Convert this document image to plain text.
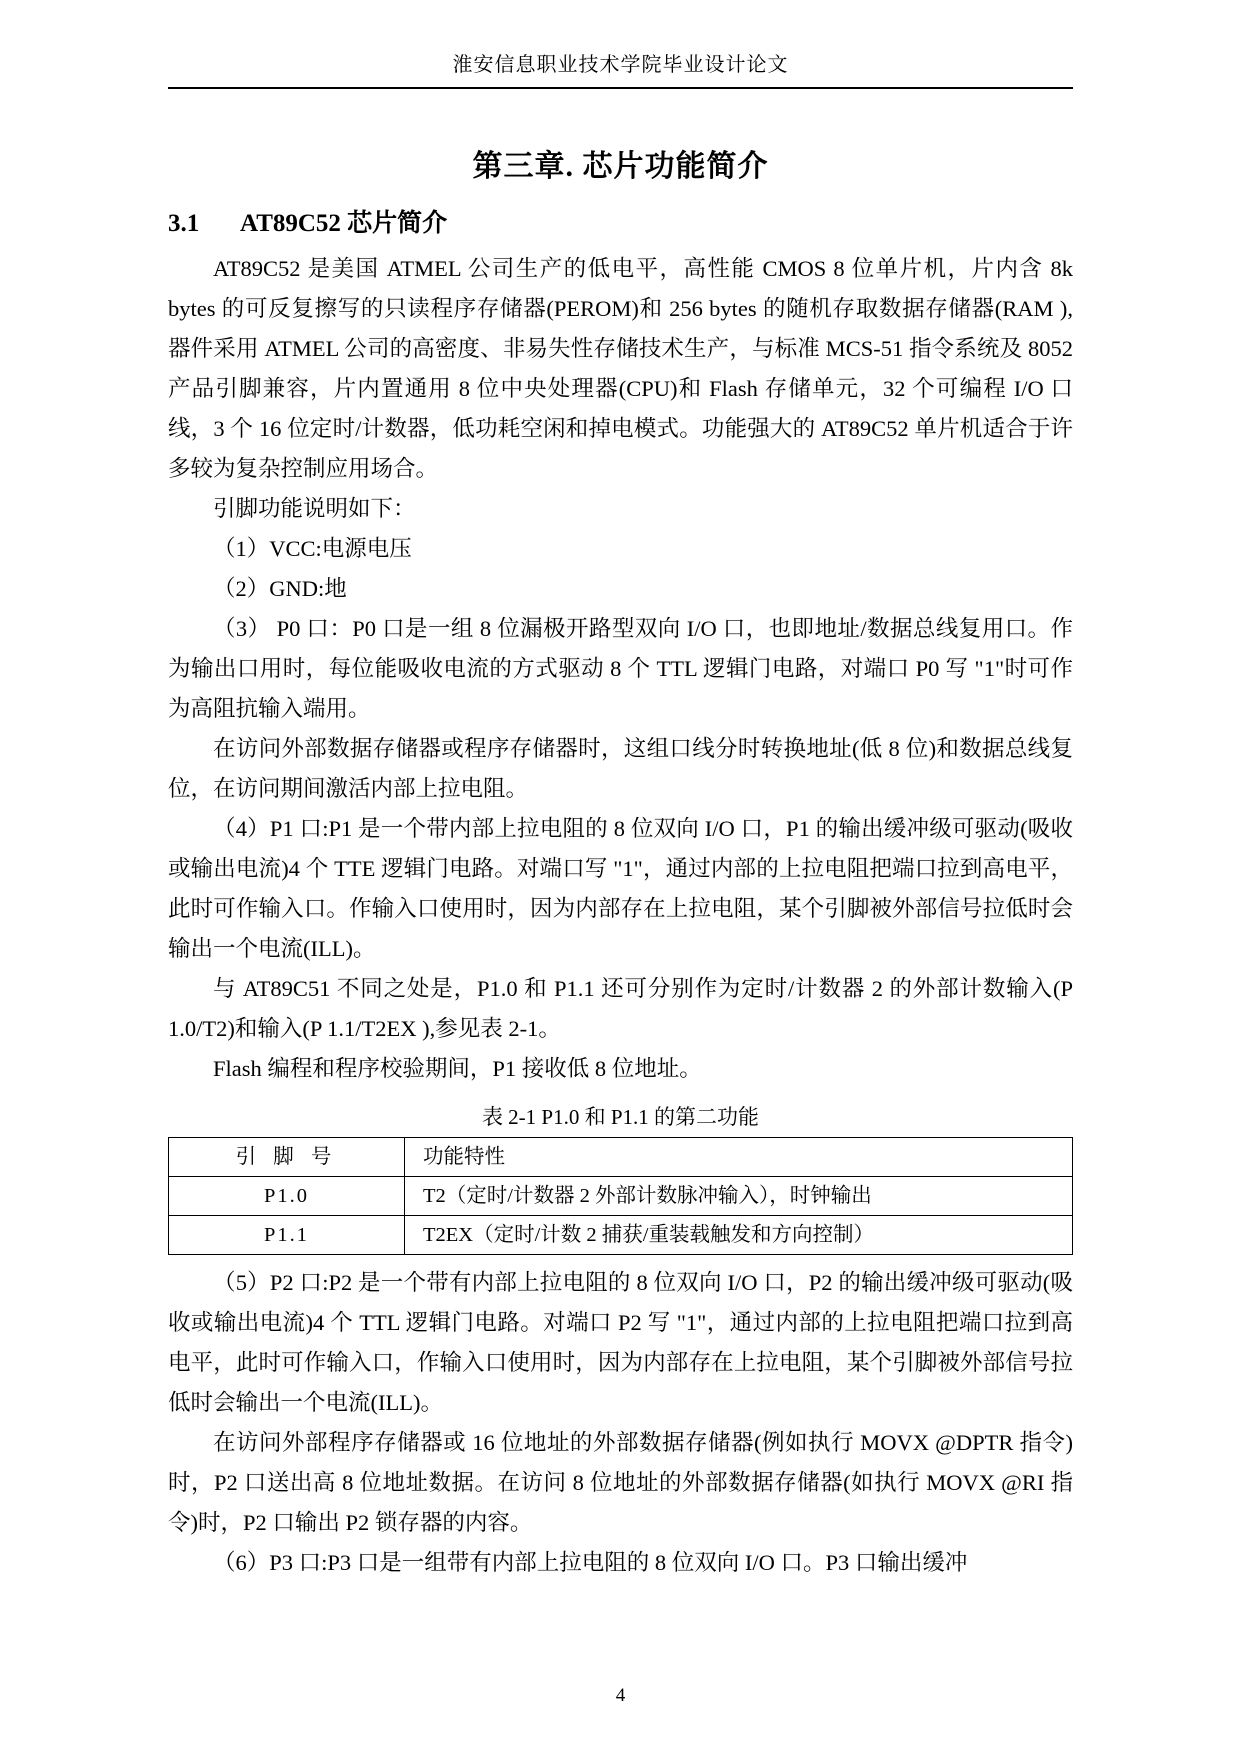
淮安信息职业技术学院毕业设计论文
第三章. 芯片功能简介
3.1 AT89C52 芯片简介

AT89C52 是美国 ATMEL 公司生产的低电平，高性能 CMOS 8 位单片机，片内含 8k bytes 的可反复擦写的只读程序存储器(PEROM)和 256 bytes 的随机存取数据存储器(RAM ),器件采用 ATMEL 公司的高密度、非易失性存储技术生产，与标准 MCS-51 指令系统及 8052 产品引脚兼容，片内置通用 8 位中央处理器(CPU)和 Flash 存储单元，32 个可编程 I/O 口线，3 个 16 位定时/计数器，低功耗空闲和掉电模式。功能强大的 AT89C52 单片机适合于许多较为复杂控制应用场合。

引脚功能说明如下：

（1）VCC:电源电压

（2）GND:地

（3） P0 口：P0 口是一组 8 位漏极开路型双向 I/O 口，也即地址/数据总线复用口。作为输出口用时，每位能吸收电流的方式驱动 8 个 TTL 逻辑门电路，对端口 P0 写 "1"时可作为高阻抗输入端用。

在访问外部数据存储器或程序存储器时，这组口线分时转换地址(低 8 位)和数据总线复位，在访问期间激活内部上拉电阻。

（4）P1 口:P1 是一个带内部上拉电阻的 8 位双向 I/O 口，P1 的输出缓冲级可驱动(吸收或输出电流)4 个 TTE 逻辑门电路。对端口写 "1"，通过内部的上拉电阻把端口拉到高电平，此时可作输入口。作输入口使用时，因为内部存在上拉电阻，某个引脚被外部信号拉低时会输出一个电流(ILL)。

与 AT89C51 不同之处是，P1.0 和 P1.1 还可分别作为定时/计数器 2 的外部计数输入(P 1.0/T2)和输入(P 1.1/T2EX ),参见表 2-1。

Flash 编程和程序校验期间，P1 接收低 8 位地址。

表 2-1 P1.0 和 P1.1 的第二功能
引 脚 号	功能特性
P1.0	T2（定时/计数器 2 外部计数脉冲输入），时钟输出
P1.1	T2EX（定时/计数 2 捕获/重装载触发和方向控制）

（5）P2 口:P2 是一个带有内部上拉电阻的 8 位双向 I/O 口，P2 的输出缓冲级可驱动(吸收或输出电流)4 个 TTL 逻辑门电路。对端口 P2 写 "1"，通过内部的上拉电阻把端口拉到高电平，此时可作输入口，作输入口使用时，因为内部存在上拉电阻，某个引脚被外部信号拉低时会输出一个电流(ILL)。

在访问外部程序存储器或 16 位地址的外部数据存储器(例如执行 MOVX @DPTR 指令)时，P2 口送出高 8 位地址数据。在访问 8 位地址的外部数据存储器(如执行 MOVX @RI 指令)时，P2 口输出 P2 锁存器的内容。

（6）P3 口:P3 口是一组带有内部上拉电阻的 8 位双向 I/O 口。P3 口输出缓冲

4
